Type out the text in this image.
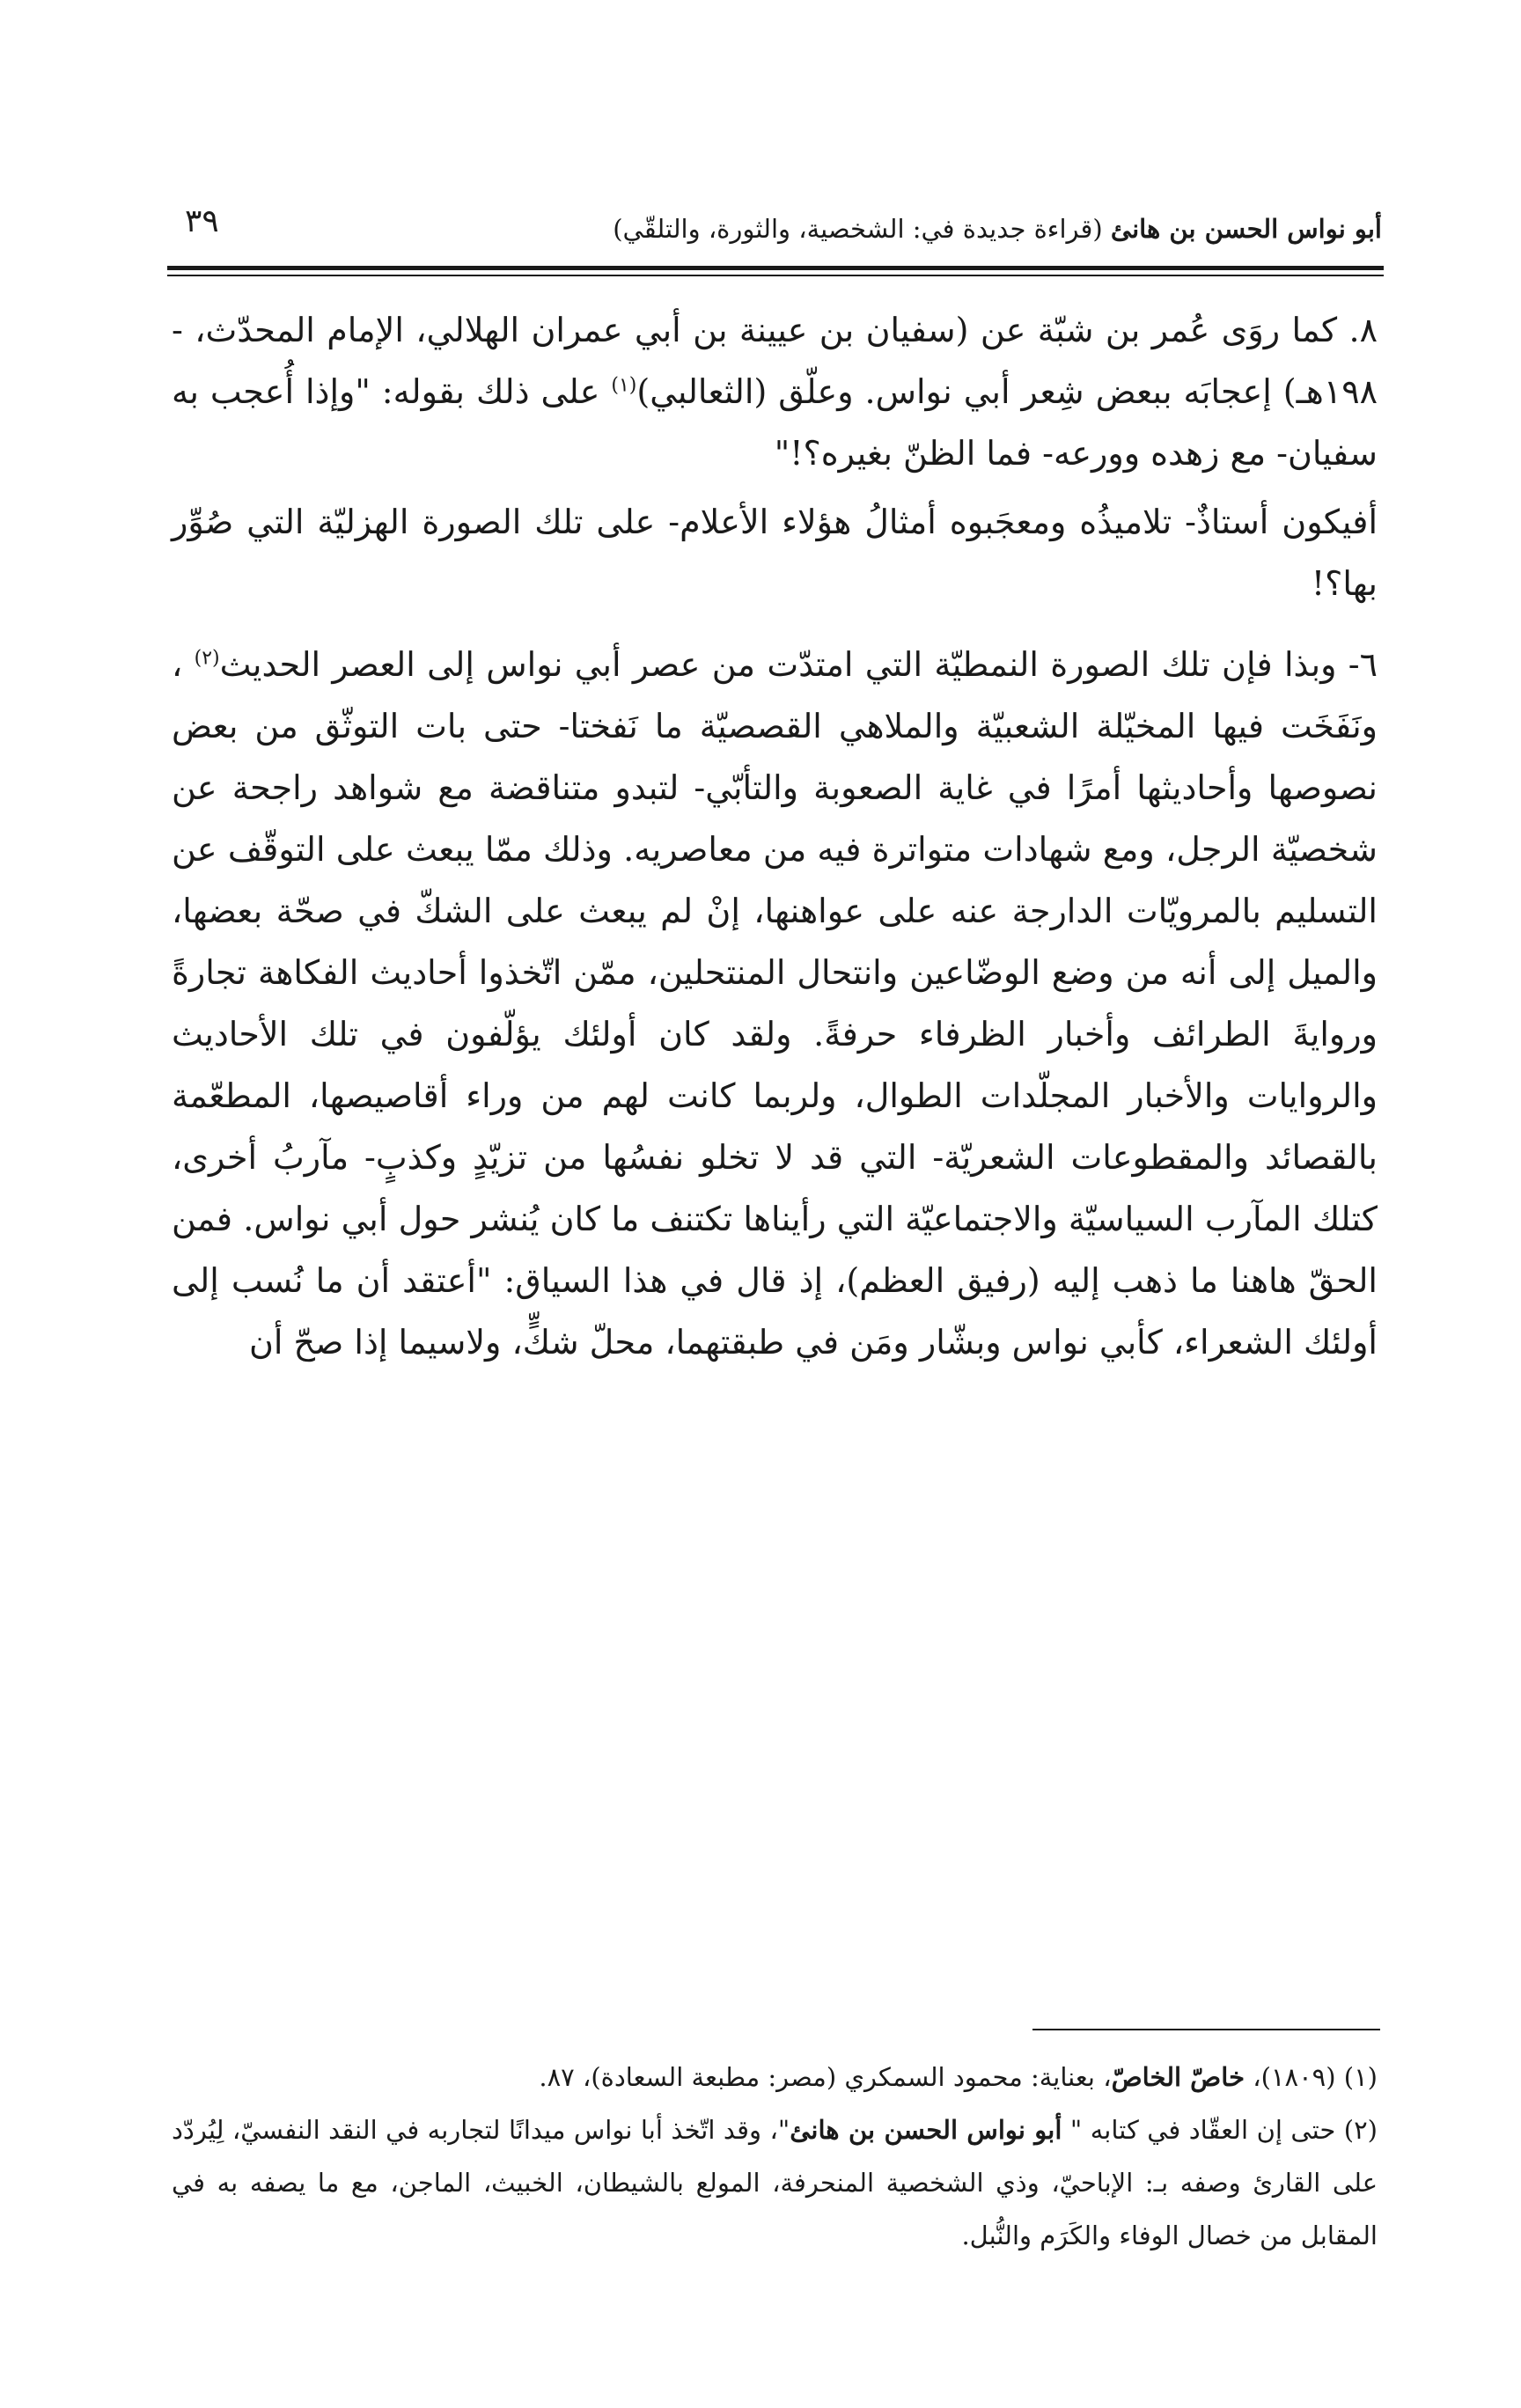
أبو نواس الحسن بن هانئ (قراءة جديدة في: الشخصية، والثورة، والتلقّي)
٣٩

٨. كما روَى عُمر بن شبّة عن (سفيان بن عيينة بن أبي عمران الهلالي، الإمام المحدّث، - ١٩٨هـ) إعجابَه ببعض شِعر أبي نواس. وعلّق (الثعالبي)$^{(١)}$ على ذلك بقوله: "وإذا أُعجب به سفيان- مع زهده وورعه- فما الظنّ بغيره؟!"

أفيكون أستاذٌ- تلاميذُه ومعجَبوه أمثالُ هؤلاء الأعلام- على تلك الصورة الهزليّة التي صُوِّر بها؟!

٦- وبذا فإن تلك الصورة النمطيّة التي امتدّت من عصر أبي نواس إلى العصر الحديث$^{(٢)}$ ، ونَفَخَت فيها المخيّلة الشعبيّة والملاهي القصصيّة ما نَفختا- حتى بات التوثّق من بعض نصوصها وأحاديثها أمرًا في غاية الصعوبة والتأبّي- لتبدو متناقضة مع شواهد راجحة عن شخصيّة الرجل، ومع شهادات متواترة فيه من معاصريه. وذلك ممّا يبعث على التوقّف عن التسليم بالمرويّات الدارجة عنه على عواهنها، إنْ لم يبعث على الشكّ في صحّة بعضها، والميل إلى أنه من وضع الوضّاعين وانتحال المنتحلين، ممّن اتّخذوا أحاديث الفكاهة تجارةً وروايةَ الطرائف وأخبار الظرفاء حرفةً. ولقد كان أولئك يؤلّفون في تلك الأحاديث والروايات والأخبار المجلّدات الطوال، ولربما كانت لهم من وراء أقاصيصها، المطعّمة بالقصائد والمقطوعات الشعريّة- التي قد لا تخلو نفسُها من تزيّدٍ وكذبٍ- مآربُ أخرى، كتلك المآرب السياسيّة والاجتماعيّة التي رأيناها تكتنف ما كان يُنشر حول أبي نواس. فمن الحقّ هاهنا ما ذهب إليه (رفيق العظم)، إذ قال في هذا السياق: "أعتقد أن ما نُسب إلى أولئك الشعراء، كأبي نواس وبشّار ومَن في طبقتهما، محلّ شكٍّ، ولاسيما إذا صحّ أن

(١) (١٨٠٩)، خاصّ الخاصّ، بعناية: محمود السمكري (مصر: مطبعة السعادة)، ٨٧.

(٢) حتى إن العقّاد في كتابه " أبو نواس الحسن بن هانئ"، وقد اتّخذ أبا نواس ميدانًا لتجاربه في النقد النفسيّ، لِيُردّد على القارئ وصفه بـ: الإباحيّ، وذي الشخصية المنحرفة، المولع بالشيطان، الخبيث، الماجن، مع ما يصفه به في المقابل من خصال الوفاء والكَرَم والنُّبل.
